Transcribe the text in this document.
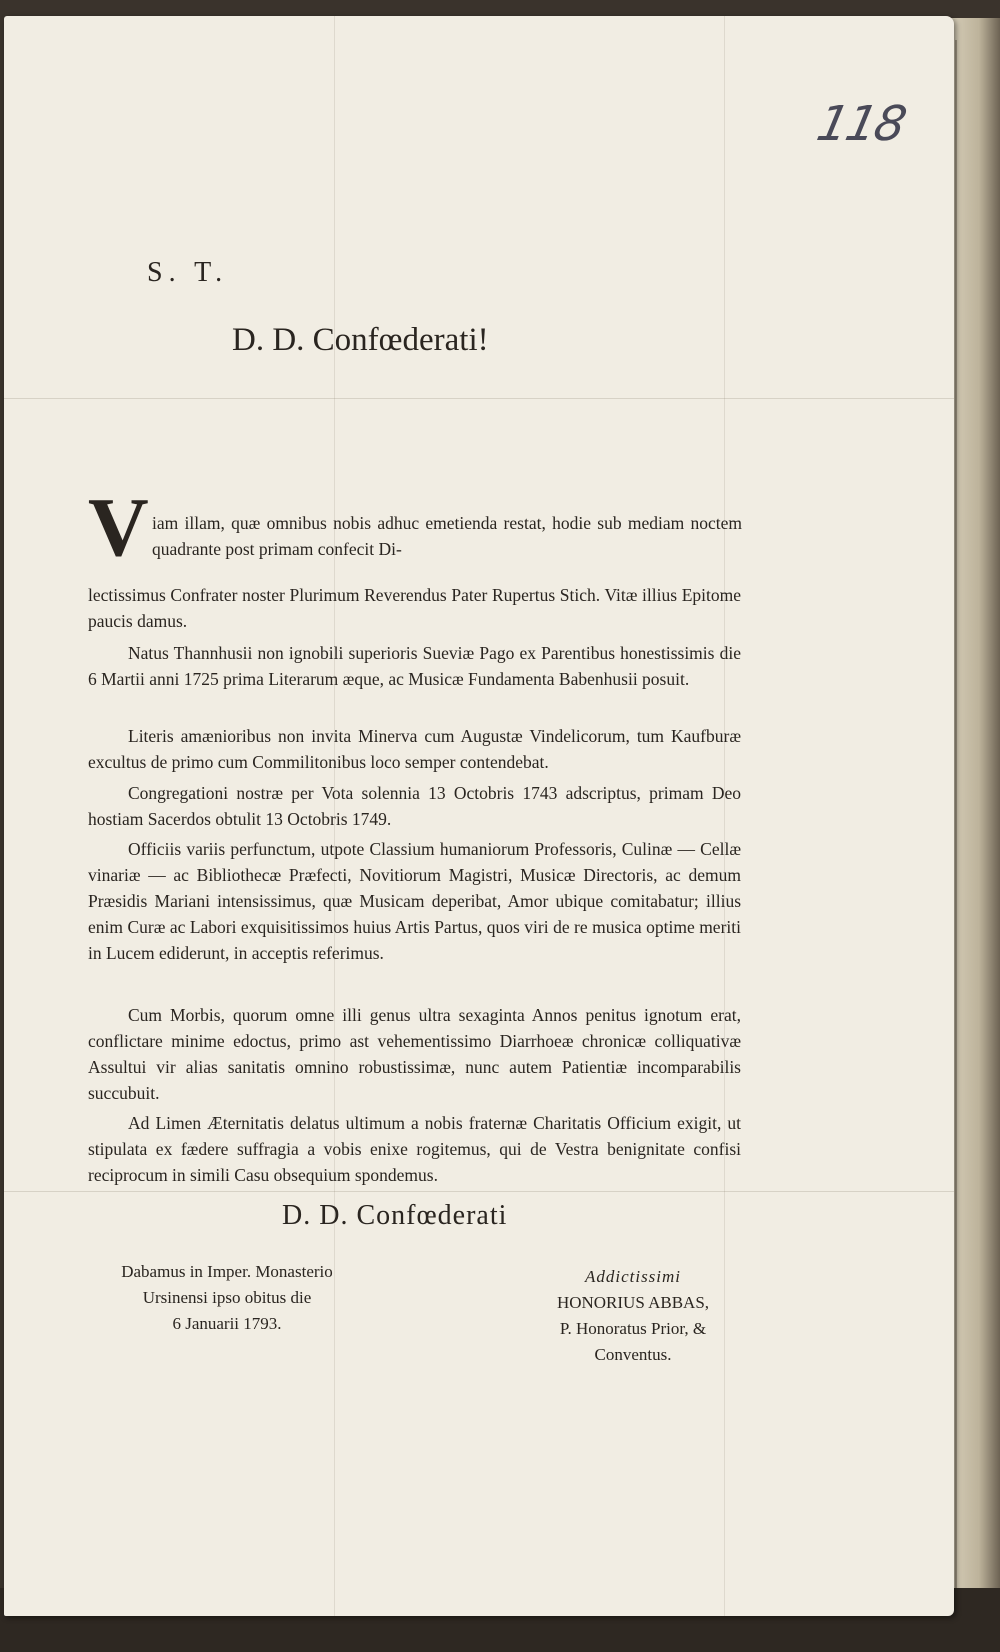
118
S. T.
D. D. Confœderati!
V iam illam, quæ omnibus nobis adhuc emetienda restat, hodie sub mediam noctem quadrante post primam confecit Di-
lectissimus Confrater noster Plurimum Reverendus Pater Rupertus Stich. Vitæ illius Epitome paucis damus.
Natus Thannhusii non ignobili superioris Sueviæ Pago ex Parentibus honestissimis die 6 Martii anni 1725 prima Literarum æque, ac Musicæ Fundamenta Babenhusii posuit.
Literis amænioribus non invita Minerva cum Augustæ Vindelicorum, tum Kaufburæ excultus de primo cum Commilitonibus loco semper contendebat.
Congregationi nostræ per Vota solennia 13 Octobris 1743 adscriptus, primam Deo hostiam Sacerdos obtulit 13 Octobris 1749.
Officiis variis perfunctum, utpote Classium humaniorum Professoris, Culinæ — Cellæ vinariæ — ac Bibliothecæ Præfecti, Novitiorum Magistri, Musicæ Directoris, ac demum Præsidis Mariani intensissimus, quæ Musicam deperibat, Amor ubique comitabatur; illius enim Curæ ac Labori exquisitissimos huius Artis Partus, quos viri de re musica optime meriti in Lucem ediderunt, in acceptis referimus.
Cum Morbis, quorum omne illi genus ultra sexaginta Annos penitus ignotum erat, conflictare minime edoctus, primo ast vehementissimo Diarrhoeæ chronicæ colliquativæ Assultui vir alias sanitatis omnino robustissimæ, nunc autem Patientiæ incomparabilis succubuit.
Ad Limen Æternitatis delatus ultimum a nobis fraternæ Charitatis Officium exigit, ut stipulata ex fædere suffragia a vobis enixe rogitemus, qui de Vestra benignitate confisi reciprocum in simili Casu obsequium spondemus.
D. D. Confœderati
Dabamus in Imper. Monasterio
Ursinensi ipso obitus die
6 Januarii 1793.
Addictissimi
HONORIUS ABBAS,
P. Honoratus Prior, &
Conventus.
